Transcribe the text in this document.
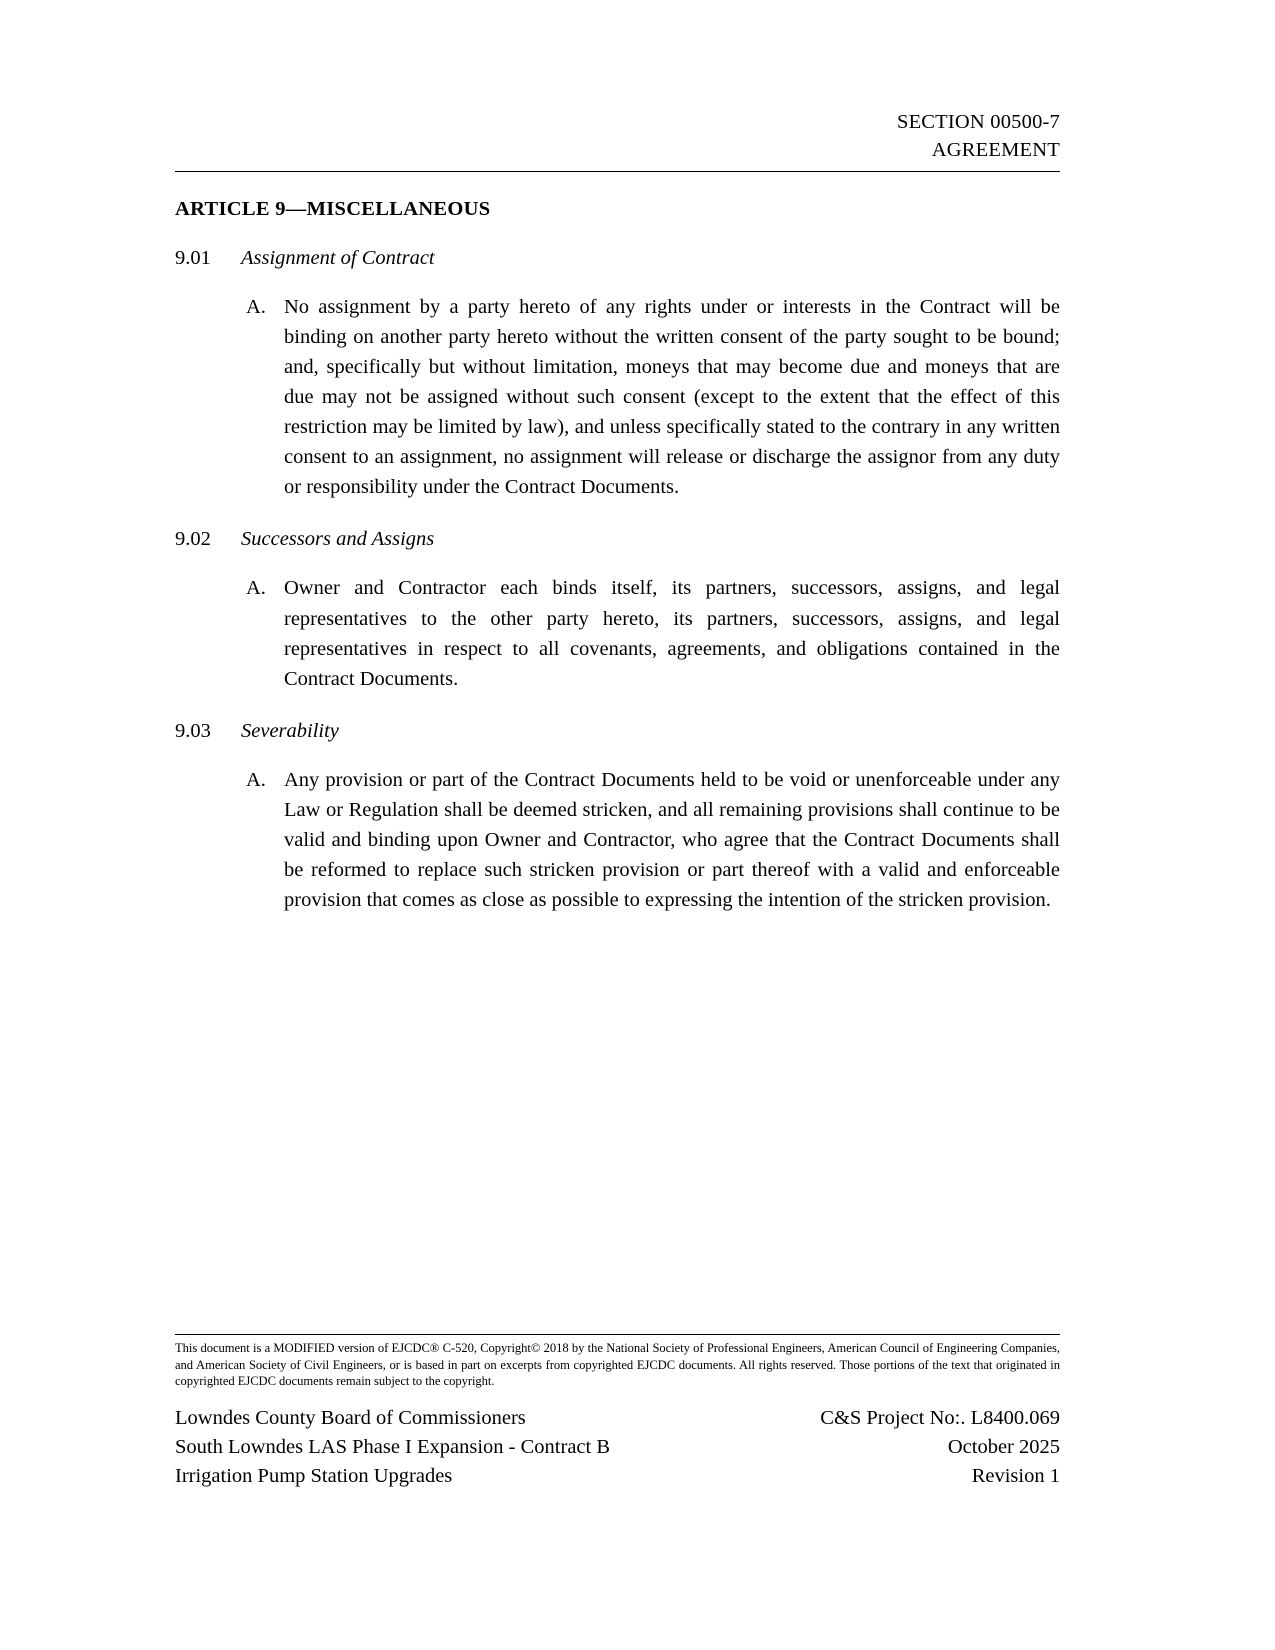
SECTION 00500-7
AGREEMENT
ARTICLE 9—MISCELLANEOUS
9.01	Assignment of Contract
A. No assignment by a party hereto of any rights under or interests in the Contract will be binding on another party hereto without the written consent of the party sought to be bound; and, specifically but without limitation, moneys that may become due and moneys that are due may not be assigned without such consent (except to the extent that the effect of this restriction may be limited by law), and unless specifically stated to the contrary in any written consent to an assignment, no assignment will release or discharge the assignor from any duty or responsibility under the Contract Documents.
9.02	Successors and Assigns
A. Owner and Contractor each binds itself, its partners, successors, assigns, and legal representatives to the other party hereto, its partners, successors, assigns, and legal representatives in respect to all covenants, agreements, and obligations contained in the Contract Documents.
9.03	Severability
A. Any provision or part of the Contract Documents held to be void or unenforceable under any Law or Regulation shall be deemed stricken, and all remaining provisions shall continue to be valid and binding upon Owner and Contractor, who agree that the Contract Documents shall be reformed to replace such stricken provision or part thereof with a valid and enforceable provision that comes as close as possible to expressing the intention of the stricken provision.
This document is a MODIFIED version of EJCDC® C-520, Copyright© 2018 by the National Society of Professional Engineers, American Council of Engineering Companies, and American Society of Civil Engineers, or is based in part on excerpts from copyrighted EJCDC documents. All rights reserved. Those portions of the text that originated in copyrighted EJCDC documents remain subject to the copyright.
Lowndes County Board of Commissioners
South Lowndes LAS Phase I Expansion - Contract B
Irrigation Pump Station Upgrades
C&S Project No:. L8400.069
October 2025
Revision 1
